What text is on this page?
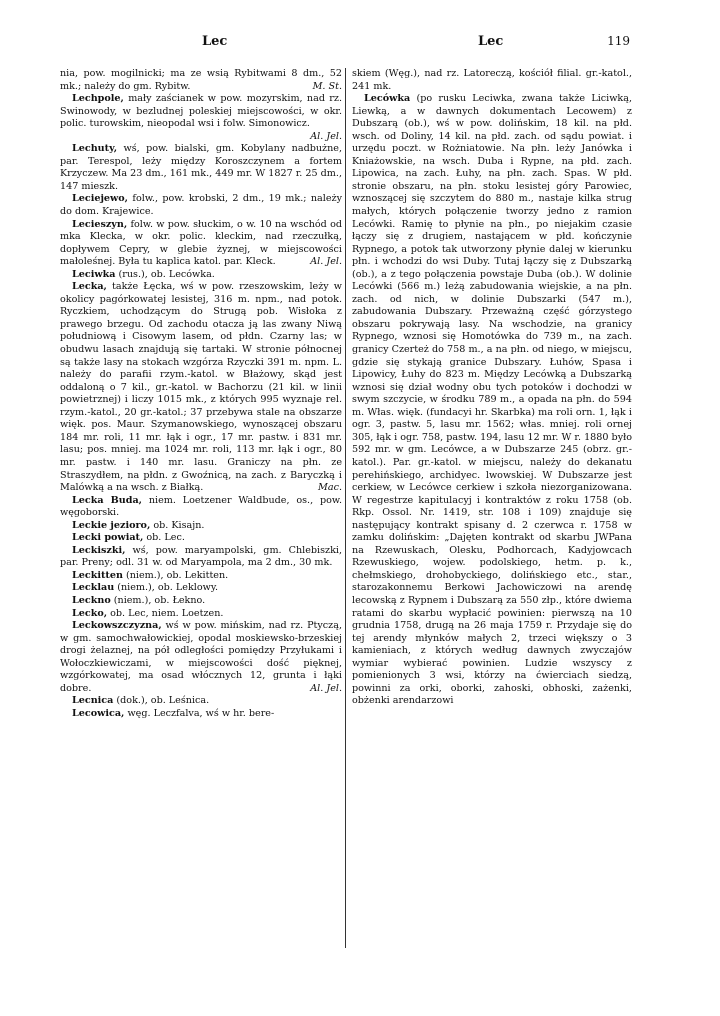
Lec	Lec	119

nia, pow. mogilnicki; ma ze wsią Rybitwami 8 dm., 52 mk.; należy do gm. Rybitw.	M. St.

Lechpole, mały zaścianek w pow. mozyrskim, nad rz. Swinowody, w bezludnej poleskiej miejscowości, w okr. polic. turowskim, nieopodal wsi i folw. Simonowicz.
Al. Jel.

Lechuty, wś, pow. bialski, gm. Kobylany nadbużne, par. Terespol, leży między Koroszczynem a fortem Krzyczew. Ma 23 dm., 161 mk., 449 mr. W 1827 r. 25 dm., 147 mieszk.

Leciejewo, folw., pow. krobski, 2 dm., 19 mk.; należy do dom. Krajewice.

Lecieszyn, folw. w pow. słuckim, o w. 10 na wschód od mka Klecka, w okr. polic. kleckim, nad rzeczułką, dopływem Cepry, w glebie żyznej, w miejscowości małoleśnej. Była tu kaplica katol. par. Kleck.	Al. Jel.

Leciwka (rus.), ob. Lecówka.

Lecka, także Łęcka, wś w pow. rzeszowskim, leży w okolicy pagórkowatej lesistej, 316 m. npm., nad potok. Ryczkiem, uchodzącym do Strugą pob. Wisłoka z prawego brzegu. Od zachodu otacza ją las zwany Niwą południową i Cisowym lasem, od płdn. Czarny las; w obudwu lasach znajdują się tartaki. W stronie północnej są także lasy na stokach wzgórza Rzyczki 391 m. npm. L. należy do parafii rzym.-katol. w Błażowy, skąd jest oddaloną o 7 kil., gr.-katol. w Bachorzu (21 kil. w linii powietrznej) i liczy 1015 mk., z których 995 wyznaje rel. rzym.-katol., 20 gr.-katol.; 37 przebywa stale na obszarze więk. pos. Maur. Szymanowskiego, wynoszącej obszaru 184 mr. roli, 11 mr. łąk i ogr., 17 mr. pastw. i 831 mr. lasu; pos. mniej. ma 1024 mr. roli, 113 mr. łąk i ogr., 80 mr. pastw. i 140 mr. lasu. Graniczy na płn. ze Straszydłem, na płdn. z Gwoźnicą, na zach. z Baryczką i Malówką a na wsch. z Białką.	Mac.

Lecka Buda, niem. Loetzener Waldbude, os., pow. węgoborski.

Leckie jezioro, ob. Kisajn.

Lecki powiat, ob. Lec.

Leckiszki, wś, pow. maryampolski, gm. Chlebiszki, par. Preny; odl. 31 w. od Maryampola, ma 2 dm., 30 mk.

Leckitten (niem.), ob. Lekitten.

Lecklau (niem.), ob. Leklowy.

Leckno (niem.), ob. Łekno.

Lecko, ob. Lec, niem. Loetzen.

Leckowszczyzna, wś w pow. mińskim, nad rz. Ptyczą, w gm. samochwałowickiej, opodal moskiewsko-brzeskiej drogi żelaznej, na pół odległości pomiędzy Przyłukami i Wołoczkiewiczami, w miejscowości dość pięknej, wzgórkowatej, ma osad włócznych 12, grunta i łąki dobre.	Al. Jel.

Lecnica (dok.), ob. Leśnica.

Lecowica, węg. Leczfalva, wś w hr. bere-

skiem (Węg.), nad rz. Latoreczą, kościół filial. gr.-katol., 241 mk.

Lecówka (po rusku Leciwka, zwana także Liciwką, Liewką, a w dawnych dokumentach Lecowem) z Dubszarą (ob.), wś w pow. dolińskim, 18 kil. na płd. wsch. od Doliny, 14 kil. na płd. zach. od sądu powiat. i urzędu poczt. w Rożniatowie. Na płn. leży Janówka i Kniażowskie, na wsch. Duba i Rypne, na płd. zach. Lipowica, na zach. Łuhy, na płn. zach. Spas. W płd. stronie obszaru, na płn. stoku lesistej góry Parowiec, wznoszącej się szczytem do 880 m., nastaje kilka strug małych, których połączenie tworzy jedno z ramion Lecówki. Ramię to płynie na płn., po niejakim czasie łączy się z drugiem, nastającem w płd. kończynie Rypnego, a potok tak utworzony płynie dalej w kierunku płn. i wchodzi do wsi Duby. Tutaj łączy się z Dubszarką (ob.), a z tego połączenia powstaje Duba (ob.). W dolinie Lecówki (566 m.) leżą zabudowania wiejskie, a na płn. zach. od nich, w dolinie Dubszarki (547 m.), zabudowania Dubszary. Przeważną część górzystego obszaru pokrywają lasy. Na wschodzie, na granicy Rypnego, wznosi się Homotówka do 739 m., na zach. granicy Czerteż do 758 m., a na płn. od niego, w miejscu, gdzie się stykają granice Dubszary. Łuhów, Spasa i Lipowicy, Łuhy do 823 m. Między Lecówką a Dubszarką wznosi się dział wodny obu tych potoków i dochodzi w swym szczycie, w środku 789 m., a opada na płn. do 594 m. Włas. więk. (fundacyi hr. Skarbka) ma roli orn. 1, łąk i ogr. 3, pastw. 5, lasu mr. 1562; włas. mniej. roli ornej 305, łąk i ogr. 758, pastw. 194, lasu 12 mr. W r. 1880 było 592 mr. w gm. Lecówce, a w Dubszarze 245 (obrz. gr.-katol.). Par. gr.-katol. w miejscu, należy do dekanatu perehińskiego, archidyec. lwowskiej. W Dubszarze jest cerkiew, w Lecówce cerkiew i szkoła niezorganizowana. W regestrze kapitulacyj i kontraktów z roku 1758 (ob. Rkp. Ossol. Nr. 1419, str. 108 i 109) znajduje się następujący kontrakt spisany d. 2 czerwca r. 1758 w zamku dolińskim: „Dajęten kontrakt od skarbu JWPana na Rzewuskach, Olesku, Podhorcach, Kadyjowcach Rzewuskiego, wojew. podolskiego, hetm. p. k., chełmskiego, drohobyckiego, dolińskiego etc., star., starozakonnemu Berkowi Jachowiczowi na arendę lecowską z Rypnem i Dubszarą za 550 złp., które dwiema ratami do skarbu wypłacić powinien: pierwszą na 10 grudnia 1758, drugą na 26 maja 1759 r. Przydaje się do tej arendy młynków małych 2, trzeci większy o 3 kamieniach, z których według dawnych zwyczajów wymiar wybierać powinien. Ludzie wszyscy z pomienionych 3 wsi, którzy na ćwierciach siedzą, powinni za orki, oborki, zahoski, obhoski, zażenki, obżenki arendarzowi
